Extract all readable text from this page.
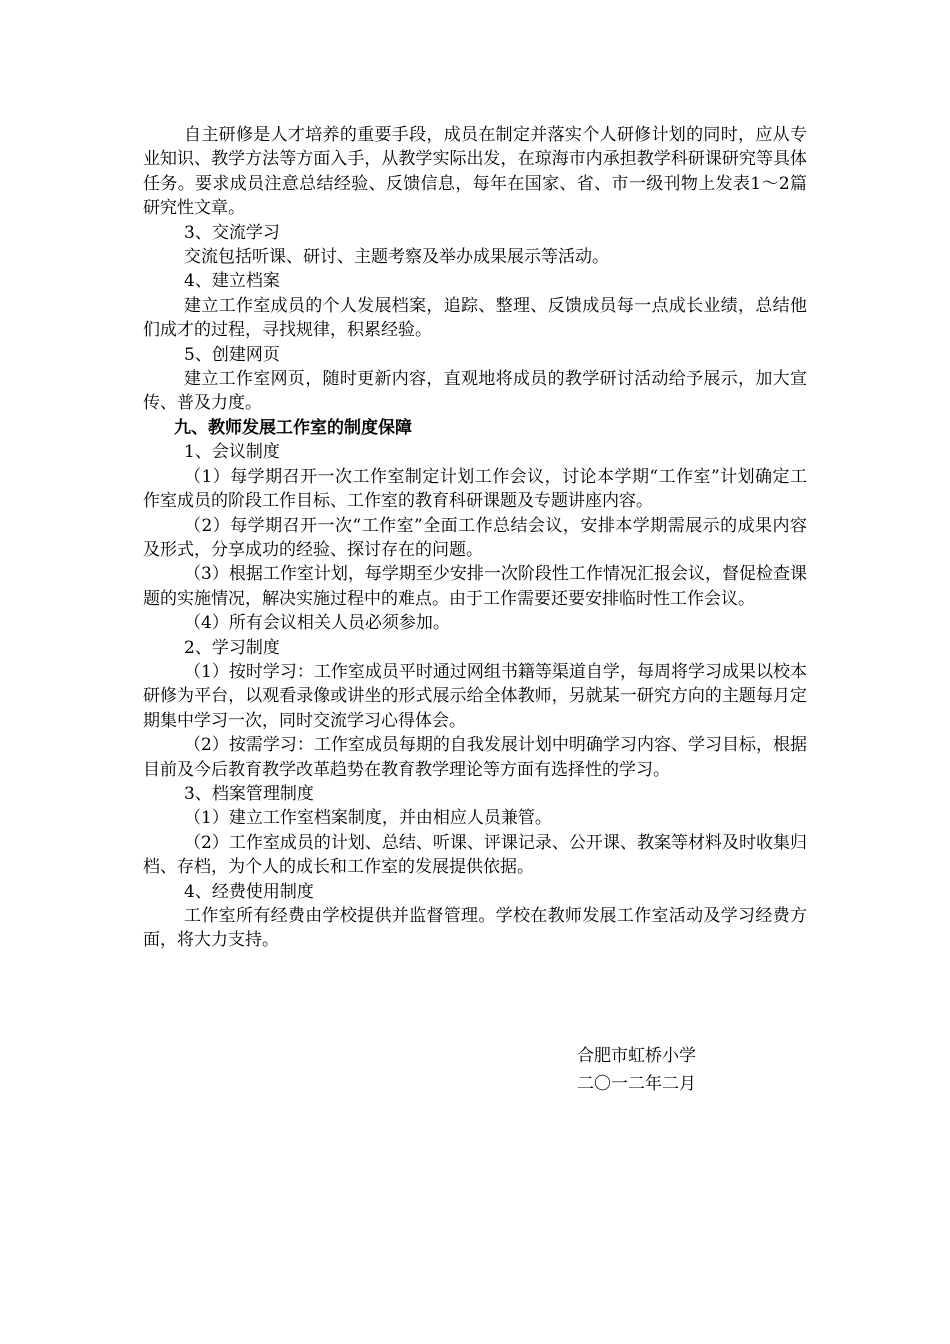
自主研修是人才培养的重要手段，成员在制定并落实个人研修计划的同时，应从专业知识、教学方法等方面入手，从教学实际出发，在琼海市内承担教学科研课研究等具体任务。要求成员注意总结经验、反馈信息，每年在国家、省、市一级刊物上发表1～2篇研究性文章。

3、交流学习

交流包括听课、研讨、主题考察及举办成果展示等活动。

4、建立档案

建立工作室成员的个人发展档案，追踪、整理、反馈成员每一点成长业绩，总结他们成才的过程，寻找规律，积累经验。

5、创建网页

建立工作室网页，随时更新内容，直观地将成员的教学研讨活动给予展示，加大宣传、普及力度。

九、教师发展工作室的制度保障

1、会议制度

（1）每学期召开一次工作室制定计划工作会议，讨论本学期“工作室”计划确定工作室成员的阶段工作目标、工作室的教育科研课题及专题讲座内容。

（2）每学期召开一次“工作室”全面工作总结会议，安排本学期需展示的成果内容及形式，分享成功的经验、探讨存在的问题。

（3）根据工作室计划，每学期至少安排一次阶段性工作情况汇报会议，督促检查课题的实施情况，解决实施过程中的难点。由于工作需要还要安排临时性工作会议。

（4）所有会议相关人员必须参加。

2、学习制度

（1）按时学习：工作室成员平时通过网组书籍等渠道自学，每周将学习成果以校本研修为平台，以观看录像或讲坐的形式展示给全体教师，另就某一研究方向的主题每月定期集中学习一次，同时交流学习心得体会。

（2）按需学习：工作室成员每期的自我发展计划中明确学习内容、学习目标，根据目前及今后教育教学改革趋势在教育教学理论等方面有选择性的学习。

3、档案管理制度

（1）建立工作室档案制度，并由相应人员兼管。

（2）工作室成员的计划、总结、听课、评课记录、公开课、教案等材料及时收集归档、存档，为个人的成长和工作室的发展提供依据。

4、经费使用制度

工作室所有经费由学校提供并监督管理。学校在教师发展工作室活动及学习经费方面，将大力支持。

合肥市虹桥小学
二〇一二年二月
